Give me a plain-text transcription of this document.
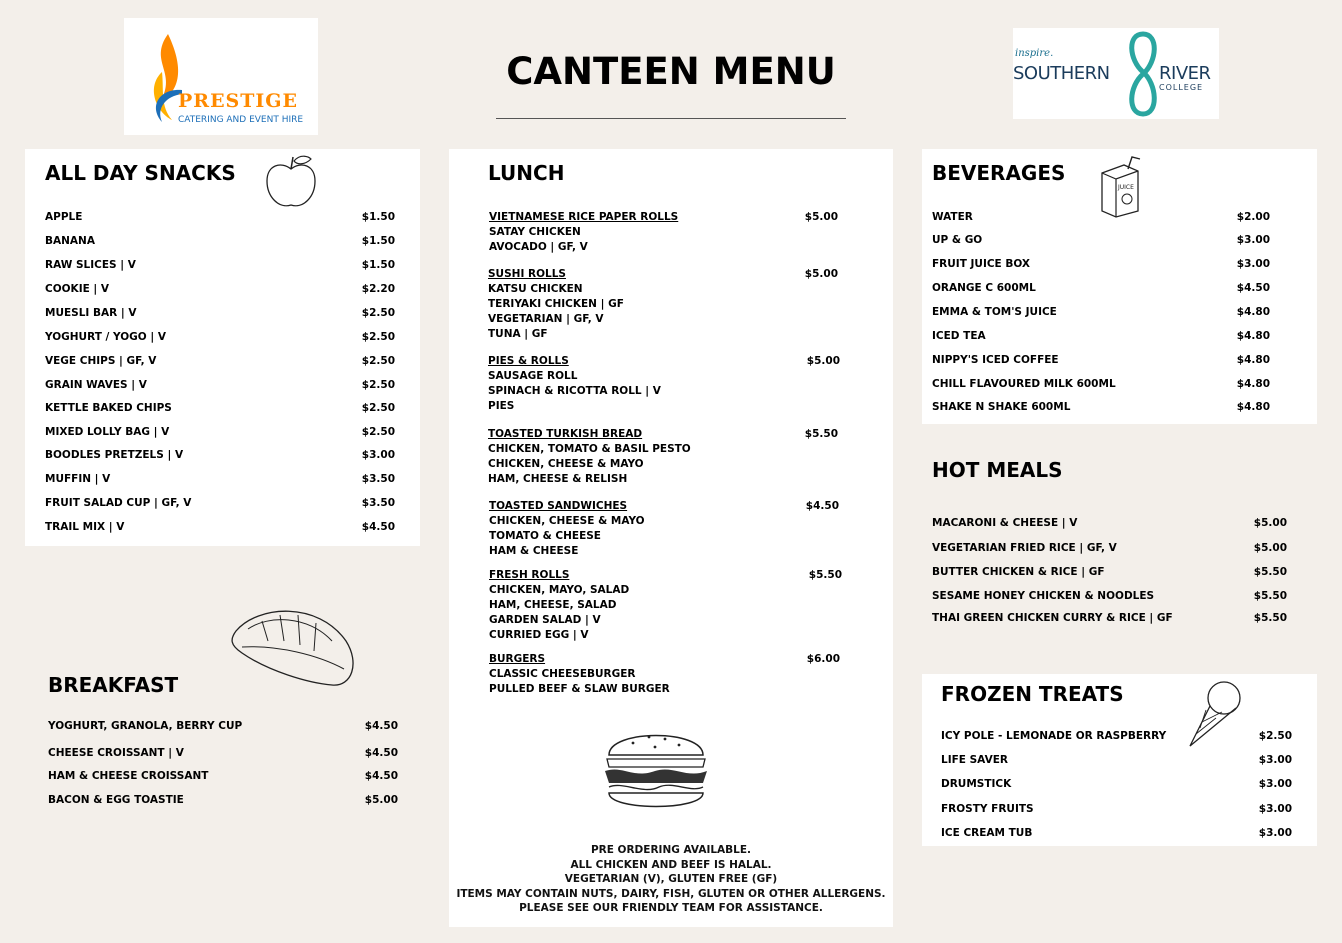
PRESTIGE
CATERING AND EVENT HIRE
inspire.
SOUTHERN	RIVER
COLLEGE
CANTEEN MENU
ALL DAY SNACKS
APPLE	$1.50
BANANA	$1.50
RAW SLICES | V	$1.50
COOKIE | V	$2.20
MUESLI BAR | V	$2.50
YOGHURT / YOGO | V	$2.50
VEGE CHIPS | GF, V	$2.50
GRAIN WAVES | V	$2.50
KETTLE BAKED CHIPS	$2.50
MIXED LOLLY BAG | V	$2.50
BOODLES PRETZELS | V	$3.00
MUFFIN | V	$3.50
FRUIT SALAD CUP | GF, V	$3.50
TRAIL MIX | V	$4.50
BREAKFAST
YOGHURT, GRANOLA, BERRY CUP	$4.50
CHEESE CROISSANT | V	$4.50
HAM & CHEESE CROISSANT	$4.50
BACON & EGG TOASTIE	$5.00
LUNCH
VIETNAMESE RICE PAPER ROLLS	$5.00
SATAY CHICKEN
AVOCADO | GF, V
SUSHI ROLLS	$5.00
KATSU CHICKEN
TERIYAKI CHICKEN | GF
VEGETARIAN | GF, V
TUNA | GF
PIES & ROLLS	$5.00
SAUSAGE ROLL
SPINACH & RICOTTA ROLL | V
PIES
TOASTED TURKISH BREAD	$5.50
CHICKEN, TOMATO & BASIL PESTO
CHICKEN, CHEESE & MAYO
HAM, CHEESE & RELISH
TOASTED SANDWICHES	$4.50
CHICKEN, CHEESE & MAYO
TOMATO & CHEESE
HAM & CHEESE
FRESH ROLLS	$5.50
CHICKEN, MAYO, SALAD
HAM, CHEESE, SALAD
GARDEN SALAD | V
CURRIED EGG | V
BURGERS	$6.00
CLASSIC CHEESEBURGER
PULLED BEEF & SLAW BURGER
PRE ORDERING AVAILABLE.
ALL CHICKEN AND BEEF IS HALAL.
VEGETARIAN (V), GLUTEN FREE (GF)
ITEMS MAY CONTAIN NUTS, DAIRY, FISH, GLUTEN OR OTHER ALLERGENS.
PLEASE SEE OUR FRIENDLY TEAM FOR ASSISTANCE.
BEVERAGES
JUICE
WATER	$2.00
UP & GO	$3.00
FRUIT JUICE BOX	$3.00
ORANGE C 600ML	$4.50
EMMA & TOM'S JUICE	$4.80
ICED TEA	$4.80
NIPPY'S ICED COFFEE	$4.80
CHILL FLAVOURED MILK 600ML	$4.80
SHAKE N SHAKE 600ML	$4.80
HOT MEALS
MACARONI & CHEESE | V	$5.00
VEGETARIAN FRIED RICE | GF, V	$5.00
BUTTER CHICKEN & RICE | GF	$5.50
SESAME HONEY CHICKEN & NOODLES	$5.50
THAI GREEN CHICKEN CURRY & RICE | GF	$5.50
FROZEN TREATS
ICY POLE - LEMONADE OR RASPBERRY	$2.50
LIFE SAVER	$3.00
DRUMSTICK	$3.00
FROSTY FRUITS	$3.00
ICE CREAM TUB	$3.00
